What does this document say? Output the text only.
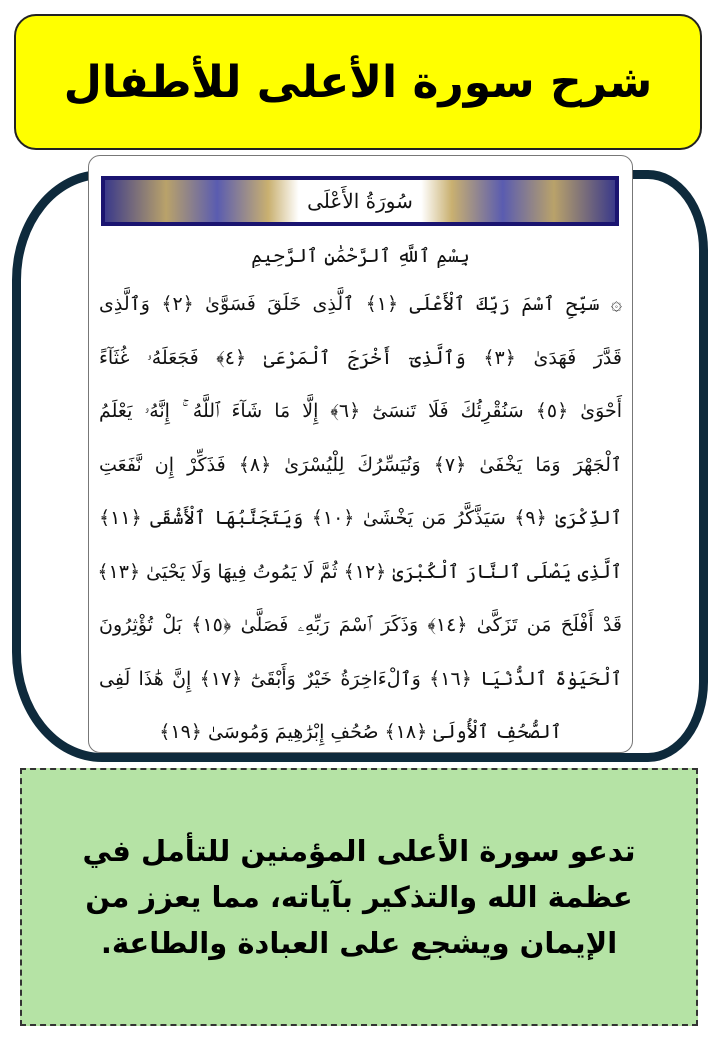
شرح سورة الأعلى للأطفال
سُورَةُ الأَعْلَى
بِسْمِ ٱللَّهِ ٱلرَّحْمَٰنِ ٱلرَّحِيمِ
۞ سَبِّحِ ٱسْمَ رَبِّكَ ٱلْأَعْلَى ﴿١﴾ ٱلَّذِى خَلَقَ فَسَوَّىٰ ﴿٢﴾ وَٱلَّذِى
قَدَّرَ فَهَدَىٰ ﴿٣﴾ وَٱلَّذِىٓ أَخْرَجَ ٱلْمَرْعَىٰ ﴿٤﴾ فَجَعَلَهُۥ غُثَآءً
أَحْوَىٰ ﴿٥﴾ سَنُقْرِئُكَ فَلَا تَنسَىٰٓ ﴿٦﴾ إِلَّا مَا شَآءَ ٱللَّهُ ۚ إِنَّهُۥ يَعْلَمُ
ٱلْجَهْرَ وَمَا يَخْفَىٰ ﴿٧﴾ وَنُيَسِّرُكَ لِلْيُسْرَىٰ ﴿٨﴾ فَذَكِّرْ إِن نَّفَعَتِ
ٱلذِّكْرَىٰ ﴿٩﴾ سَيَذَّكَّرُ مَن يَخْشَىٰ ﴿١٠﴾ وَيَتَجَنَّبُهَا ٱلْأَشْقَى ﴿١١﴾
ٱلَّذِى يَصْلَى ٱلنَّارَ ٱلْكُبْرَىٰ ﴿١٢﴾ ثُمَّ لَا يَمُوتُ فِيهَا وَلَا يَحْيَىٰ ﴿١٣﴾
قَدْ أَفْلَحَ مَن تَزَكَّىٰ ﴿١٤﴾ وَذَكَرَ ٱسْمَ رَبِّهِۦ فَصَلَّىٰ ﴿١٥﴾ بَلْ تُؤْثِرُونَ
ٱلْحَيَوٰةَ ٱلدُّنْيَا ﴿١٦﴾ وَٱلْءَاخِرَةُ خَيْرٌ وَأَبْقَىٰٓ ﴿١٧﴾ إِنَّ هَٰذَا لَفِى
ٱلصُّحُفِ ٱلْأُولَىٰ ﴿١٨﴾ صُحُفِ إِبْرَٰهِيمَ وَمُوسَىٰ ﴿١٩﴾

تدعو سورة الأعلى المؤمنين للتأمل في عظمة الله والتذكير بآياته، مما يعزز من الإيمان ويشجع على العبادة والطاعة.
